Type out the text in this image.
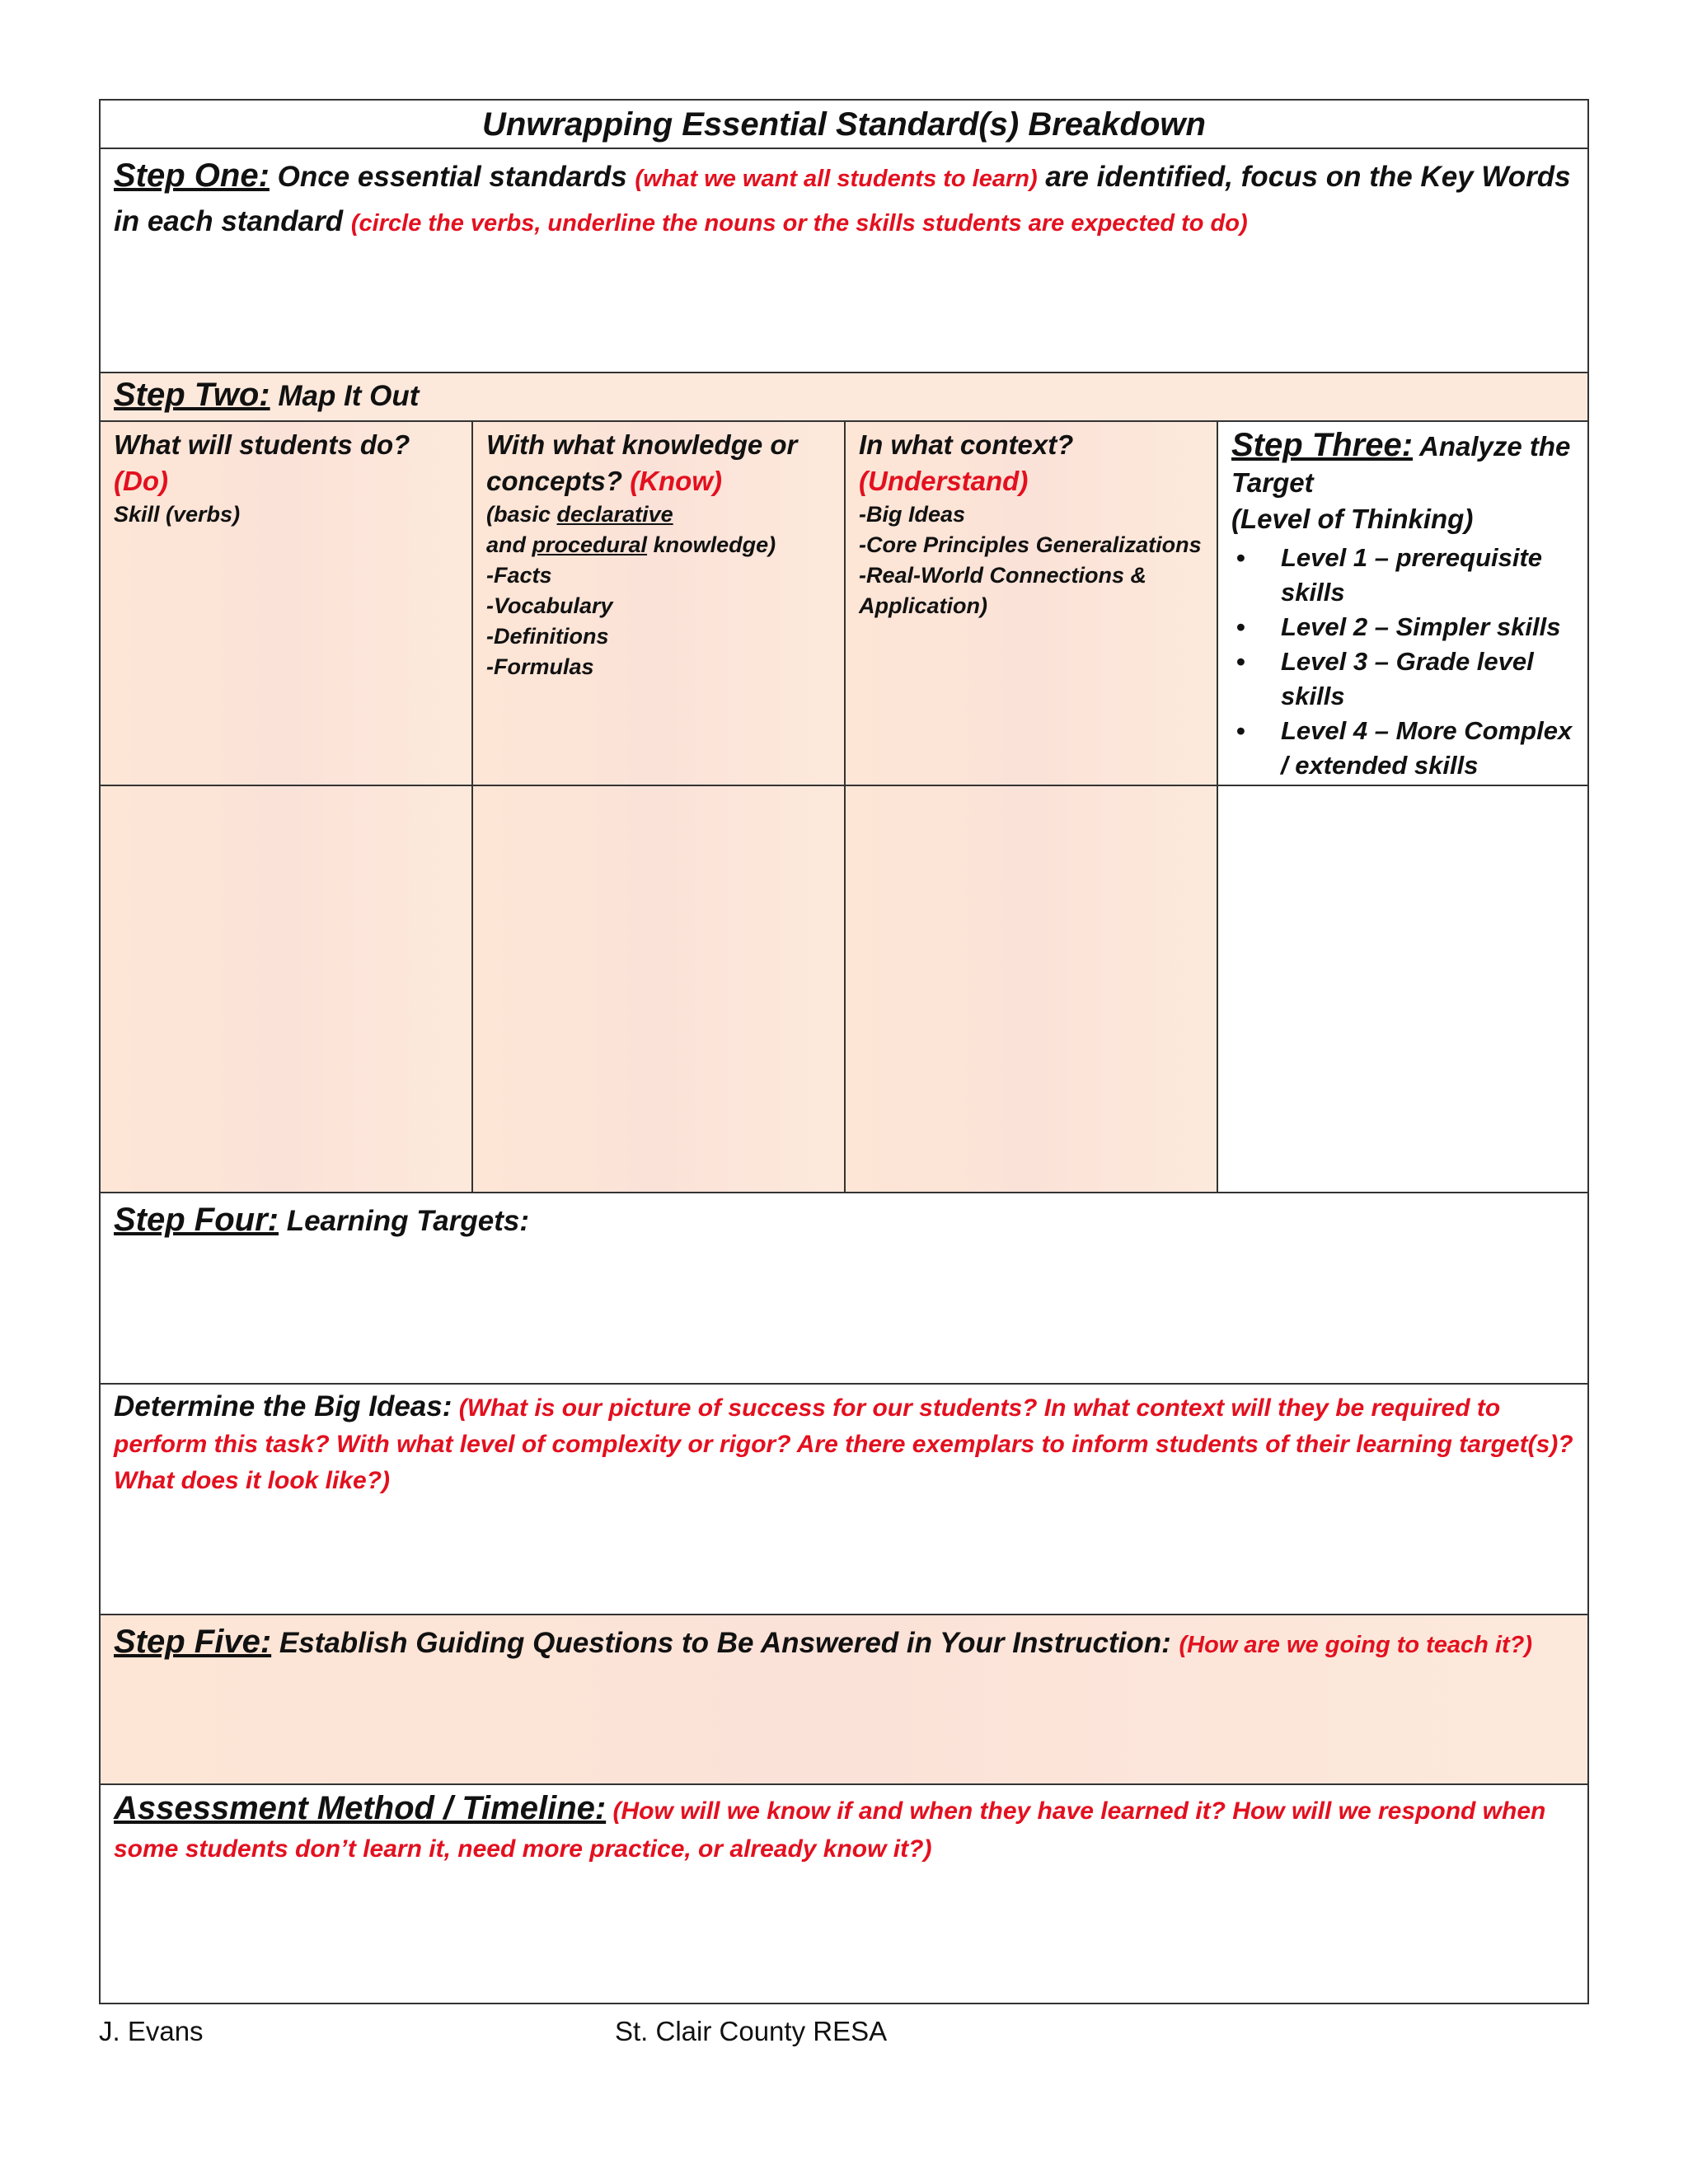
Unwrapping Essential Standard(s) Breakdown
Step One: Once essential standards (what we want all students to learn) are identified, focus on the Key Words in each standard (circle the verbs, underline the nouns or the skills students are expected to do)
Step Two: Map It Out
What will students do?
(Do)
Skill (verbs)
With what knowledge or concepts? (Know)
(basic declarative
and procedural knowledge)
-Facts
-Vocabulary
-Definitions
-Formulas
In what context?
(Understand)
-Big Ideas
-Core Principles Generalizations
-Real-World Connections & Application)
Step Three: Analyze the Target
(Level of Thinking)
• Level 1 – prerequisite skills
• Level 2 – Simpler skills
• Level 3 – Grade level skills
• Level 4 – More Complex / extended skills
Step Four: Learning Targets:
Determine the Big Ideas: (What is our picture of success for our students? In what context will they be required to perform this task? With what level of complexity or rigor? Are there exemplars to inform students of their learning target(s)? What does it look like?)
Step Five: Establish Guiding Questions to Be Answered in Your Instruction: (How are we going to teach it?)
Assessment Method / Timeline: (How will we know if and when they have learned it? How will we respond when some students don’t learn it, need more practice, or already know it?)
J. Evans	St. Clair County RESA
